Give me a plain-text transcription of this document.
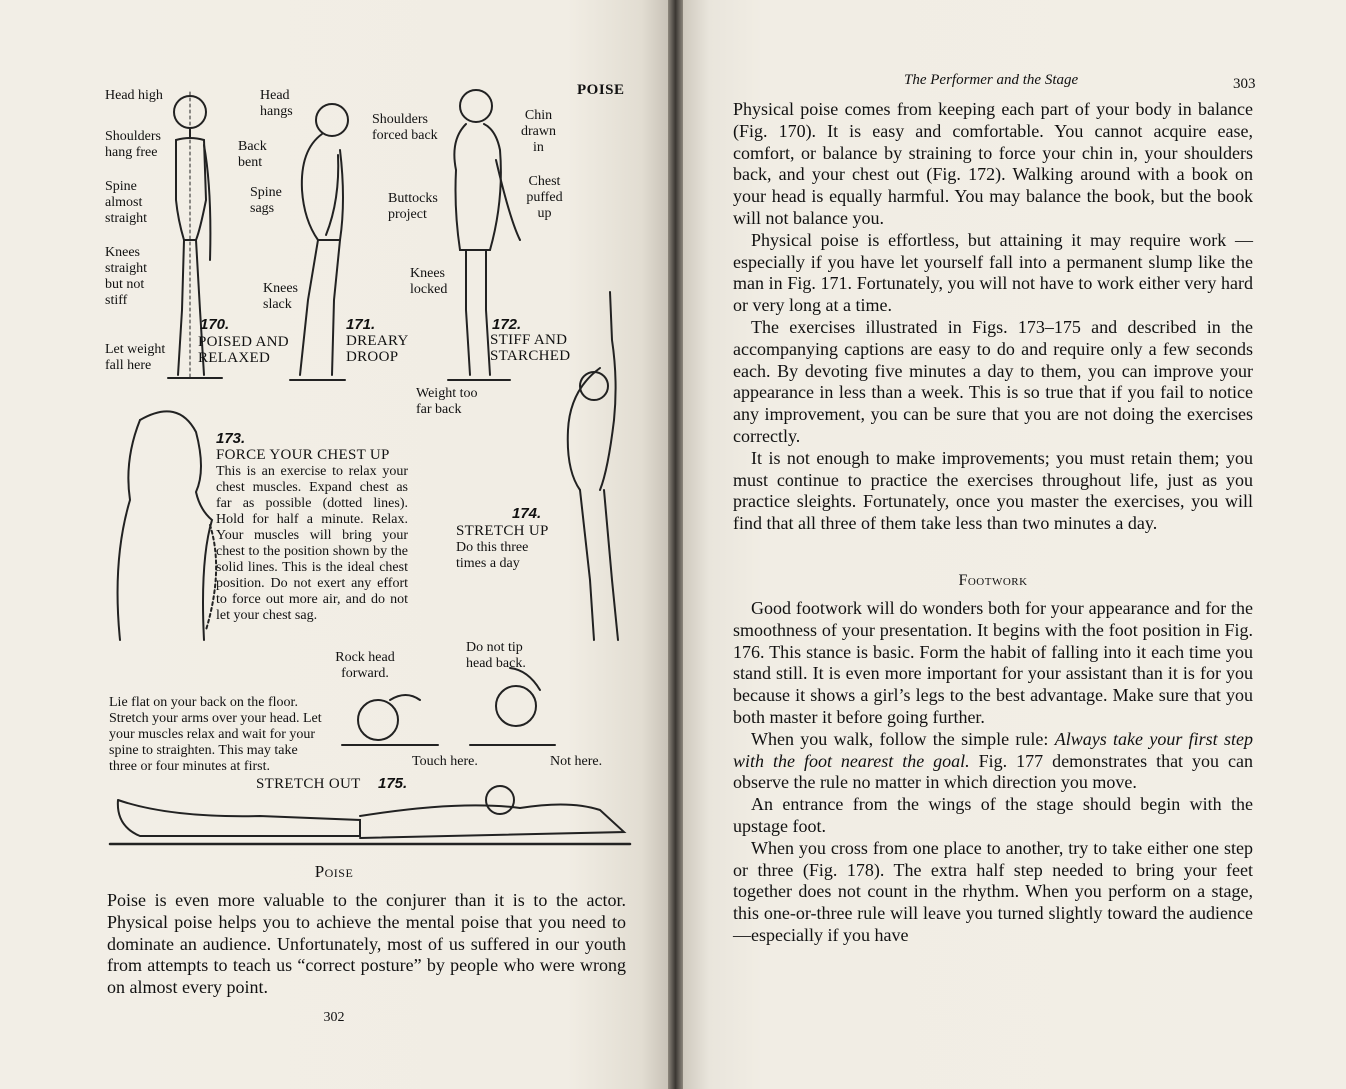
POISE
Head high
Shoulders hang free
Spine almost straight
Knees straight but not stiff
Let weight fall here
170.
POISED AND RELAXED
Head hangs
Back bent
Spine sags
Knees slack
171.
DREARY DROOP
Shoulders forced back
Chin drawn in
Chest puffed up
Buttocks project
Knees locked
Weight too far back
172.
STIFF AND STARCHED
173.
FORCE YOUR CHEST UP
This is an exercise to relax your chest muscles. Expand chest as far as possible (dotted lines). Hold for half a minute. Relax. Your muscles will bring your chest to the position shown by the solid lines. This is the ideal chest position. Do not exert any effort to force out more air, and do not let your chest sag.
174.
STRETCH UP
Do this three times a day
Rock head forward.
Do not tip head back.
Touch here.	Not here.
Lie flat on your back on the floor. Stretch your arms over your head. Let your muscles relax and wait for your spine to straighten. This may take three or four minutes at first.
STRETCH OUT 175.
Poise

Poise is even more valuable to the conjurer than it is to the actor. Physical poise helps you to achieve the mental poise that you need to dominate an audience. Unfortunately, most of us suffered in our youth from attempts to teach us “correct posture” by people who were wrong on almost every point.

302
The Performer and the Stage	303

Physical poise comes from keeping each part of your body in balance (Fig. 170). It is easy and comfortable. You cannot acquire ease, comfort, or balance by straining to force your chin in, your shoulders back, and your chest out (Fig. 172). Walking around with a book on your head is equally harmful. You may balance the book, but the book will not balance you.

Physical poise is effortless, but attaining it may require work —especially if you have let yourself fall into a permanent slump like the man in Fig. 171. Fortunately, you will not have to work either very hard or very long at a time.

The exercises illustrated in Figs. 173–175 and described in the accompanying captions are easy to do and require only a few seconds each. By devoting five minutes a day to them, you can improve your appearance in less than a week. This is so true that if you fail to notice any improvement, you can be sure that you are not doing the exercises correctly.

It is not enough to make improvements; you must retain them; you must continue to practice the exercises throughout life, just as you practice sleights. Fortunately, once you master the exercises, you will find that all three of them take less than two minutes a day.

Footwork

Good footwork will do wonders both for your appearance and for the smoothness of your presentation. It begins with the foot position in Fig. 176. This stance is basic. Form the habit of falling into it each time you stand still. It is even more important for your assistant than it is for you because it shows a girl’s legs to the best advantage. Make sure that you both master it before going further.

When you walk, follow the simple rule: Always take your first step with the foot nearest the goal. Fig. 177 demonstrates that you can observe the rule no matter in which direction you move.

An entrance from the wings of the stage should begin with the upstage foot.

When you cross from one place to another, try to take either one step or three (Fig. 178). The extra half step needed to bring your feet together does not count in the rhythm. When you perform on a stage, this one-or-three rule will leave you turned slightly toward the audience—especially if you have
